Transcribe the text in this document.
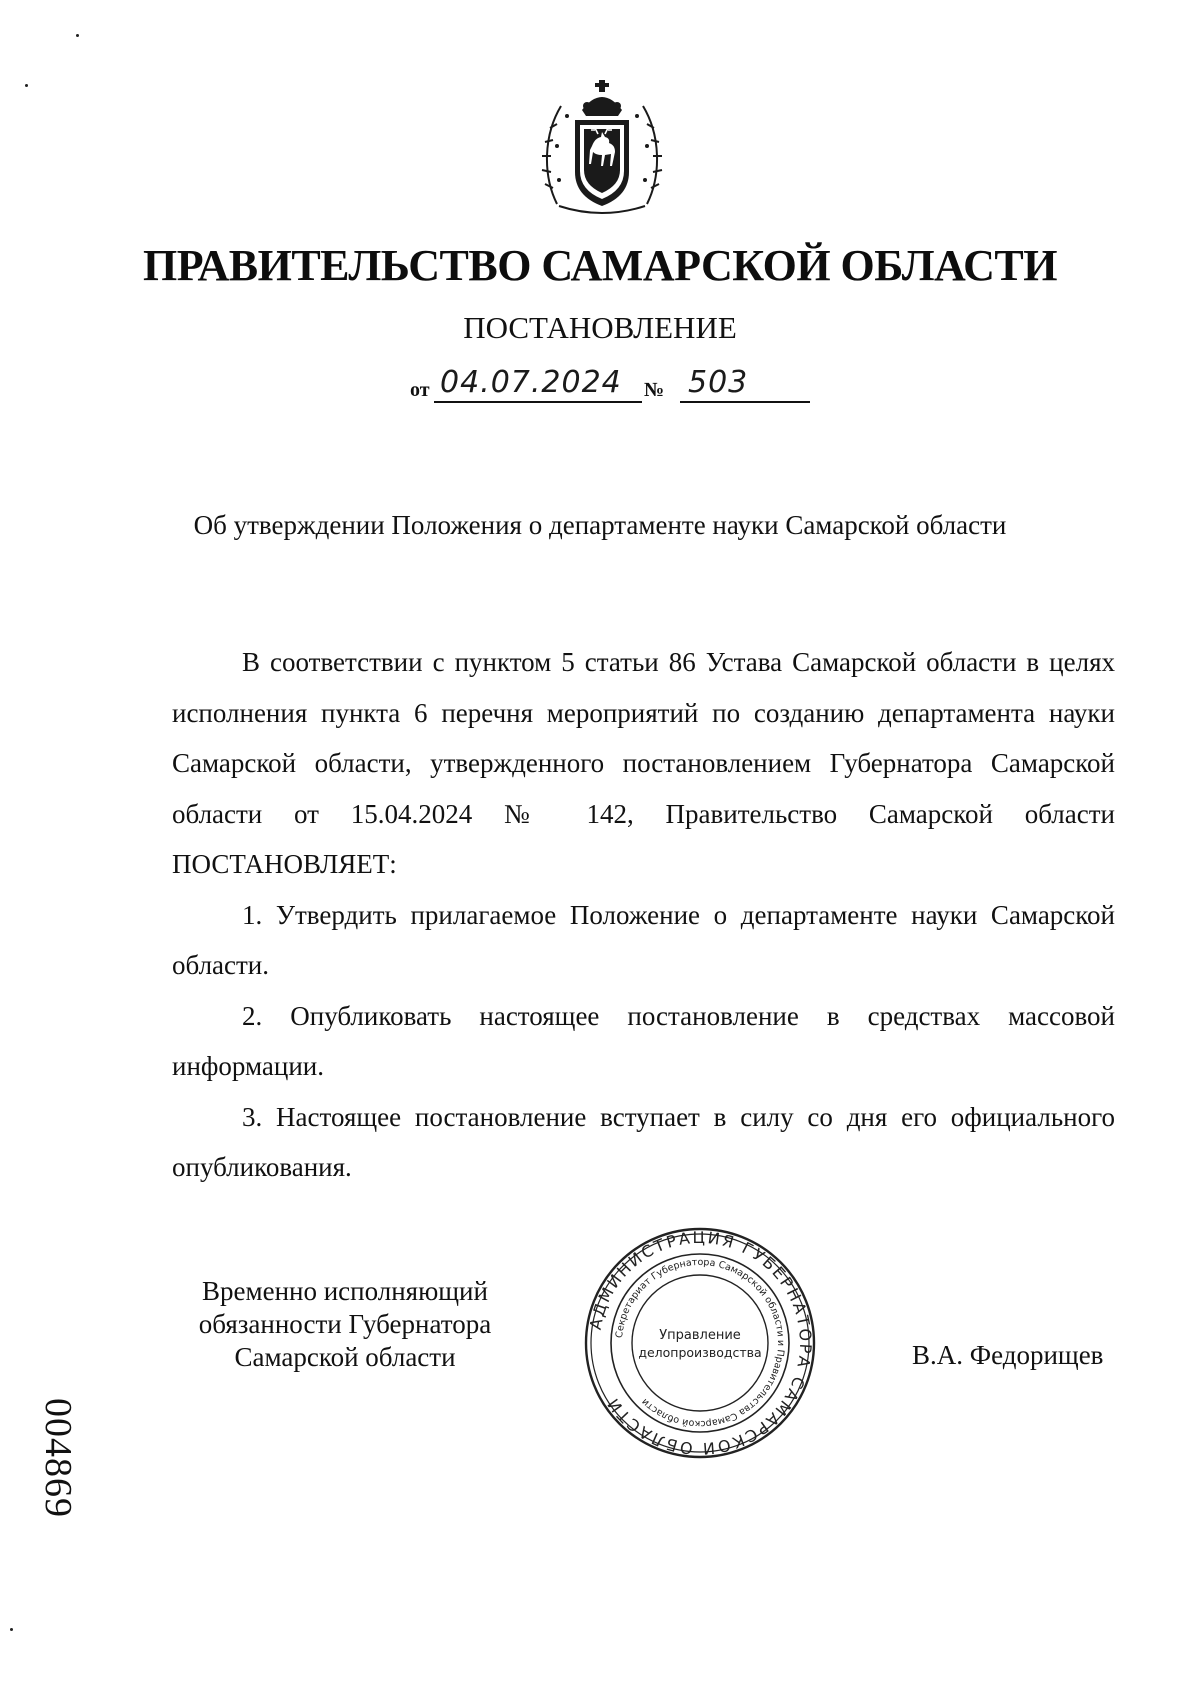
ПРАВИТЕЛЬСТВО САМАРСКОЙ ОБЛАСТИ
ПОСТАНОВЛЕНИЕ
от 04.07.2024 № 503
Об утверждении Положения о департаменте науки Самарской области

В соответствии с пунктом 5 статьи 86 Устава Самарской области в целях исполнения пункта 6 перечня мероприятий по созданию департамента науки Самарской области, утвержденного постановлением Губернатора Самарской области от 15.04.2024 № 142, Правительство Самарской области ПОСТАНОВЛЯЕТ:

1. Утвердить прилагаемое Положение о департаменте науки Самарской области.

2. Опубликовать настоящее постановление в средствах массовой информации.

3. Настоящее постановление вступает в силу со дня его официального опубликования.

Временно исполняющий
обязанности Губернатора
Самарской области
АДМИНИСТРАЦИЯ ГУБЕРНАТОРА САМАРСКОЙ ОБЛАСТИ
Секретариат Губернатора Самарской области и Правительства Самарской области
Управление
делопроизводства	В.А. Федорищев
004869
